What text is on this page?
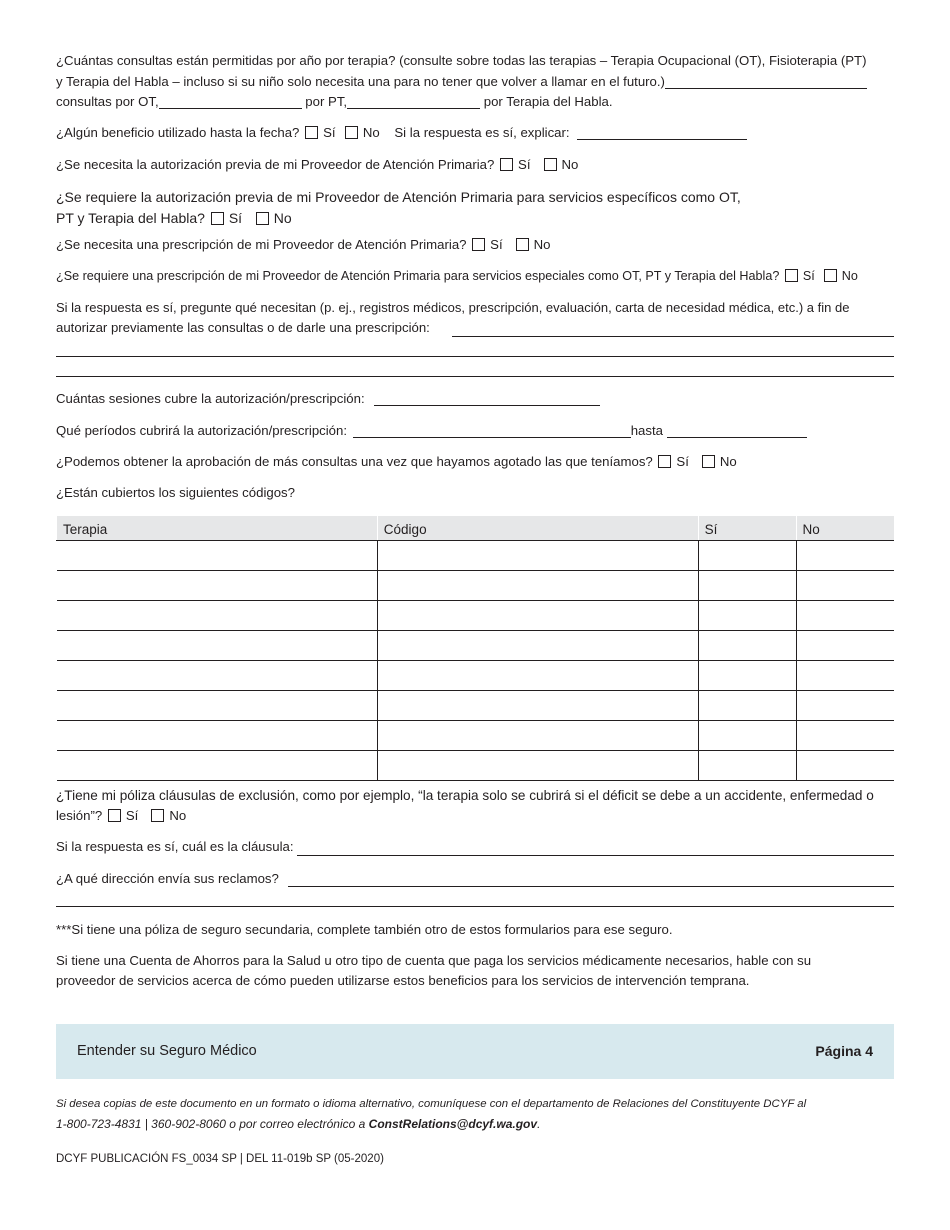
¿Cuántas consultas están permitidas por año por terapia? (consulte sobre todas las terapias – Terapia Ocupacional (OT), Fisioterapia (PT)
y Terapia del Habla – incluso si su niño solo necesita una para no tener que volver a llamar en el futuro.)
consultas por OT,	por PT,	por Terapia del Habla.
¿Algún beneficio utilizado hasta la fecha? Sí No Si la respuesta es sí, explicar:
¿Se necesita la autorización previa de mi Proveedor de Atención Primaria? Sí No
¿Se requiere la autorización previa de mi Proveedor de Atención Primaria para servicios específicos como OT,
PT y Terapia del Habla? Sí No
¿Se necesita una prescripción de mi Proveedor de Atención Primaria? Sí No
¿Se requiere una prescripción de mi Proveedor de Atención Primaria para servicios especiales como OT, PT y Terapia del Habla? Sí No
Si la respuesta es sí, pregunte qué necesitan (p. ej., registros médicos, prescripción, evaluación, carta de necesidad médica, etc.) a fin de
autorizar previamente las consultas o de darle una prescripción:
Cuántas sesiones cubre la autorización/prescripción:
Qué períodos cubrirá la autorización/prescripción:	hasta
¿Podemos obtener la aprobación de más consultas una vez que hayamos agotado las que teníamos? Sí No
¿Están cubiertos los siguientes códigos?
Terapia	Código	Sí	No

¿Tiene mi póliza cláusulas de exclusión, como por ejemplo, “la terapia solo se cubrirá si el déficit se debe a un accidente, enfermedad o
lesión”? Sí No
Si la respuesta es sí, cuál es la cláusula:
¿A qué dirección envía sus reclamos?
***Si tiene una póliza de seguro secundaria, complete también otro de estos formularios para ese seguro.
Si tiene una Cuenta de Ahorros para la Salud u otro tipo de cuenta que paga los servicios médicamente necesarios, hable con su
proveedor de servicios acerca de cómo pueden utilizarse estos beneficios para los servicios de intervención temprana.
Entender su Seguro Médico	Página 4
Si desea copias de este documento en un formato o idioma alternativo, comuníquese con el departamento de Relaciones del Constituyente DCYF al
1-800-723-4831 | 360-902-8060 o por correo electrónico a ConstRelations@dcyf.wa.gov.
DCYF PUBLICACIÓN FS_0034 SP | DEL 11-019b SP (05-2020)
